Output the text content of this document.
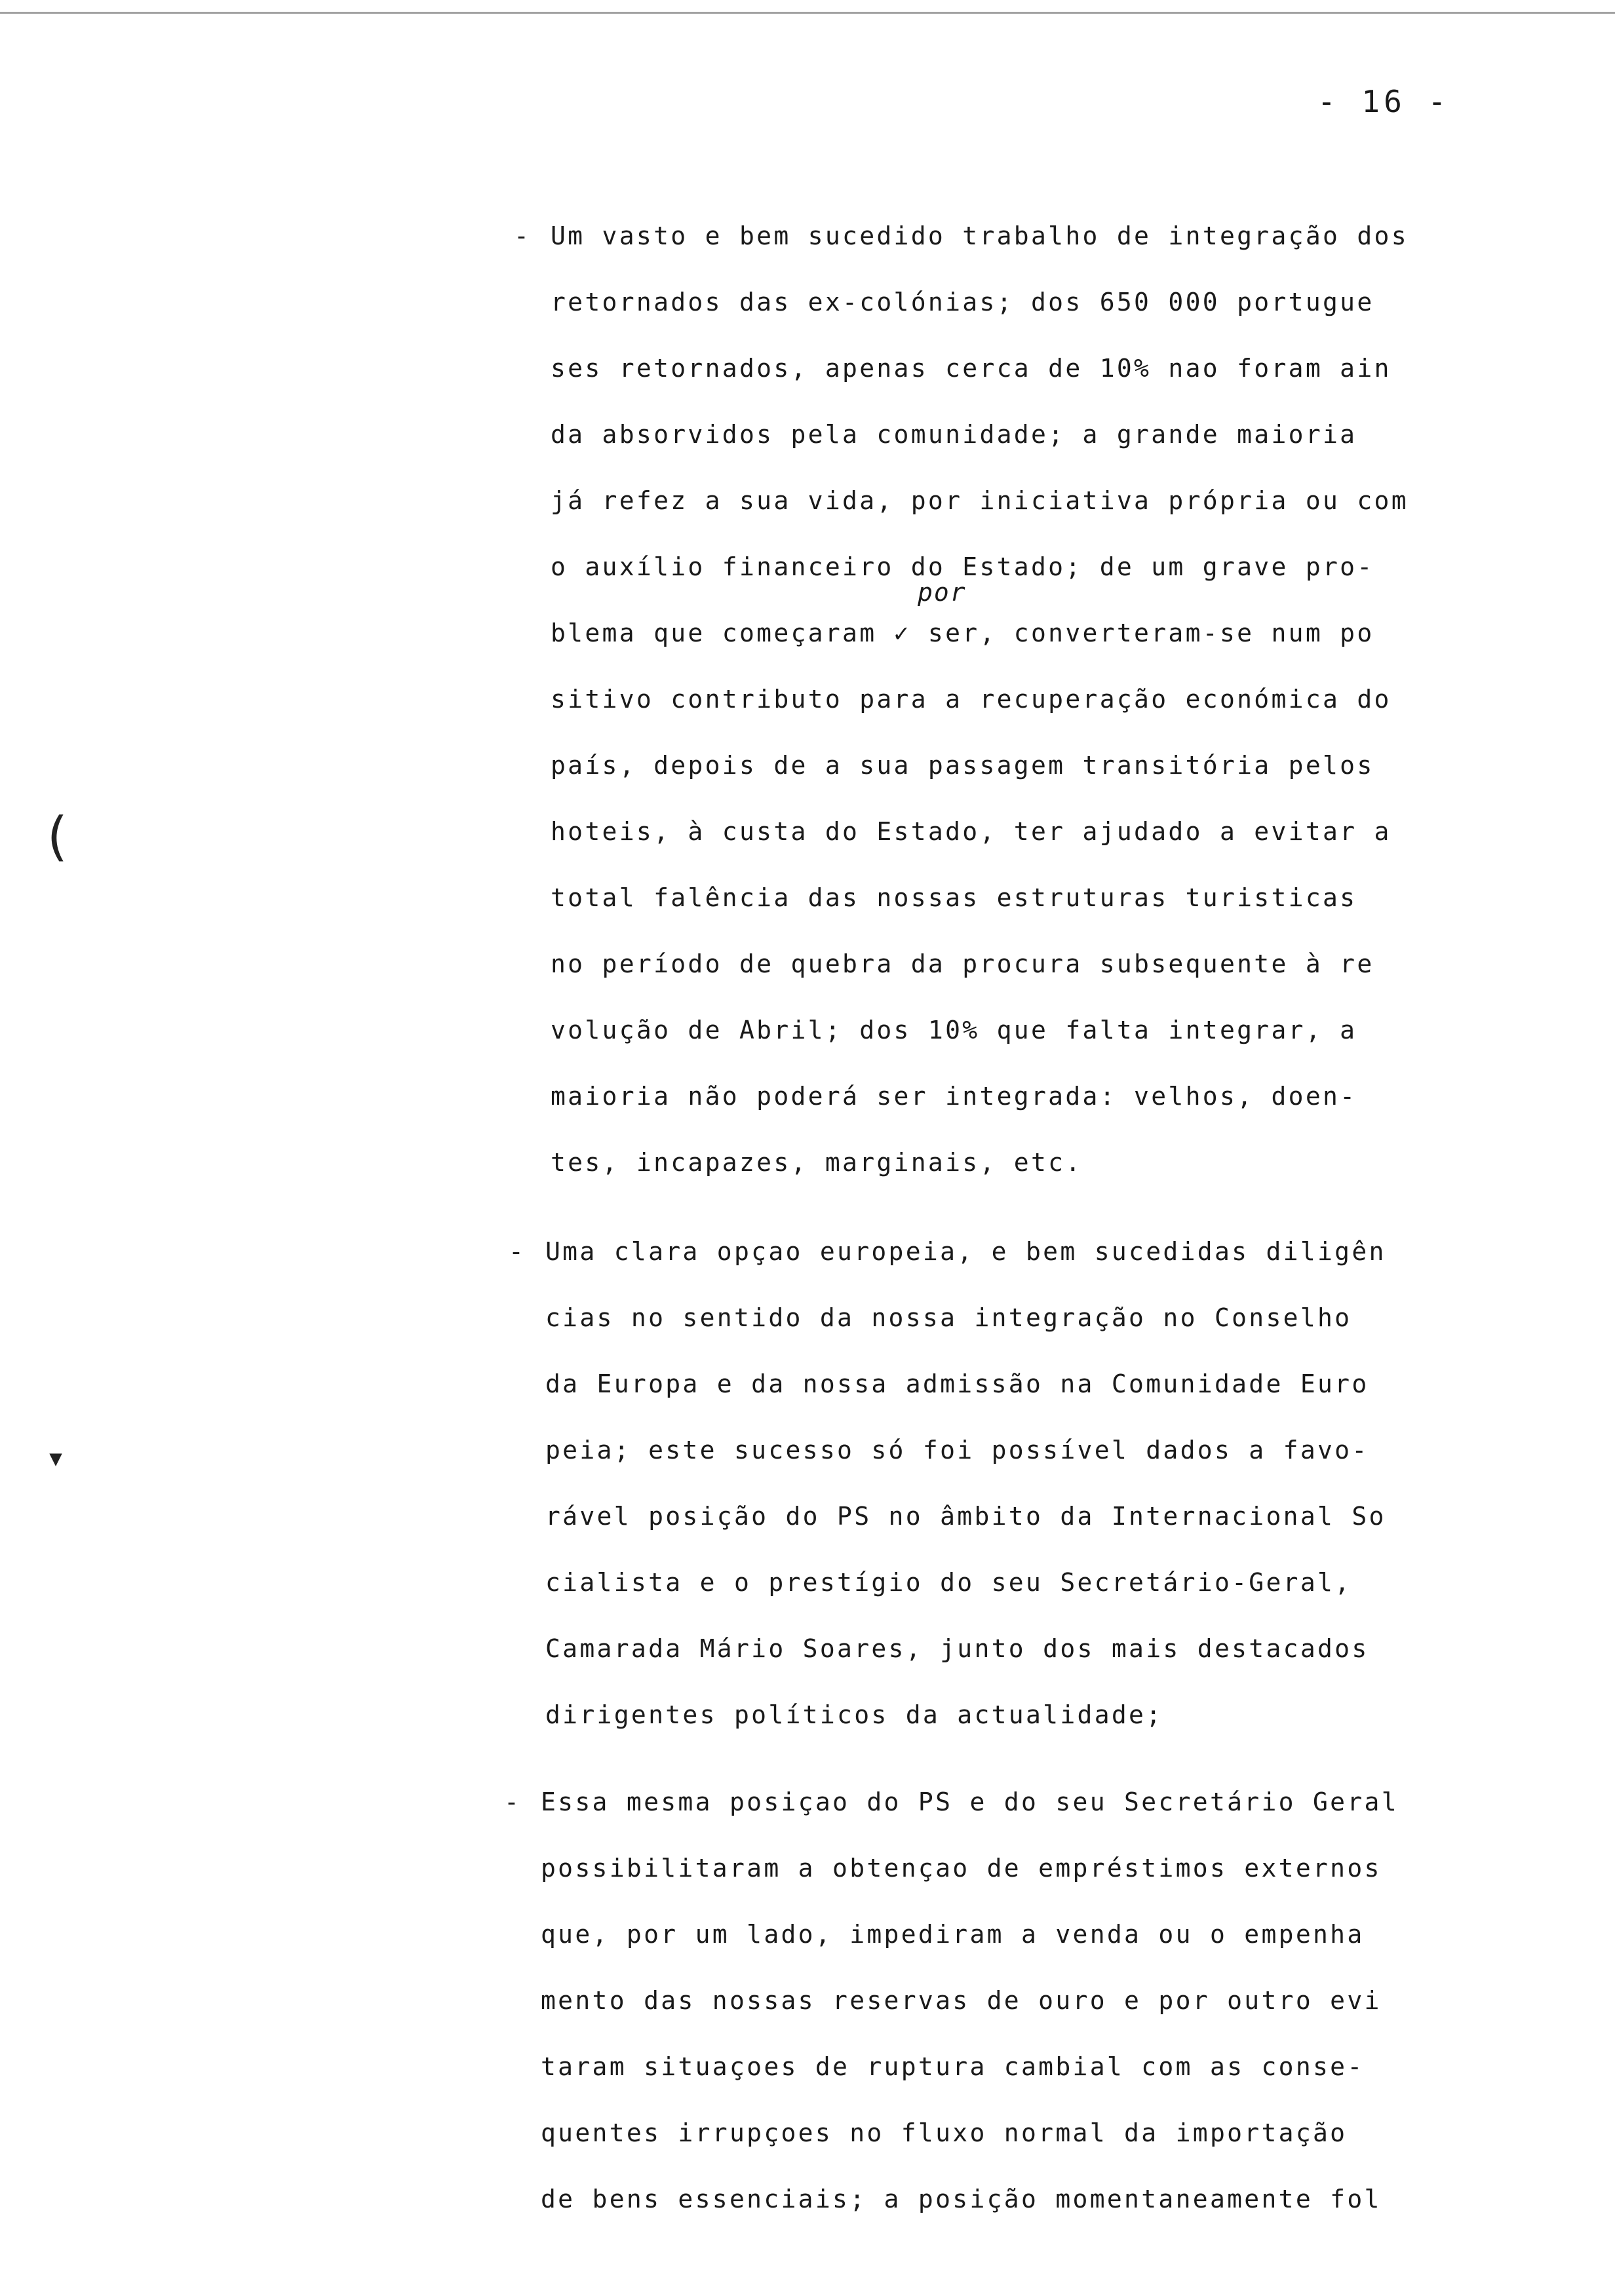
- 16 -
(
▾
por
- Um vasto e bem sucedido trabalho de integração dos
retornados das ex-colónias; dos 650 000 portugue
ses retornados, apenas cerca de 10% nao foram ain
da absorvidos pela comunidade; a grande maioria
já refez a sua vida, por iniciativa própria ou com
o auxílio financeiro do Estado; de um grave pro-
blema que começaram ✓ ser, converteram-se num po
sitivo contributo para a recuperação económica do
país, depois de a sua passagem transitória pelos
hoteis, à custa do Estado, ter ajudado a evitar a
total falência das nossas estruturas turisticas
no período de quebra da procura subsequente à re
volução de Abril; dos 10% que falta integrar, a
maioria não poderá ser integrada: velhos, doen-
tes, incapazes, marginais, etc.
- Uma clara opçao europeia, e bem sucedidas diligên
cias no sentido da nossa integração no Conselho
da Europa e da nossa admissão na Comunidade Euro
peia; este sucesso só foi possível dados a favo-
rável posição do PS no âmbito da Internacional So
cialista e o prestígio do seu Secretário-Geral,
Camarada Mário Soares, junto dos mais destacados
dirigentes políticos da actualidade;
- Essa mesma posiçao do PS e do seu Secretário Geral
possibilitaram a obtençao de empréstimos externos
que, por um lado, impediram a venda ou o empenha
mento das nossas reservas de ouro e por outro evi
taram situaçoes de ruptura cambial com as conse-
quentes irrupçoes no fluxo normal da importação
de bens essenciais; a posição momentaneamente fol
